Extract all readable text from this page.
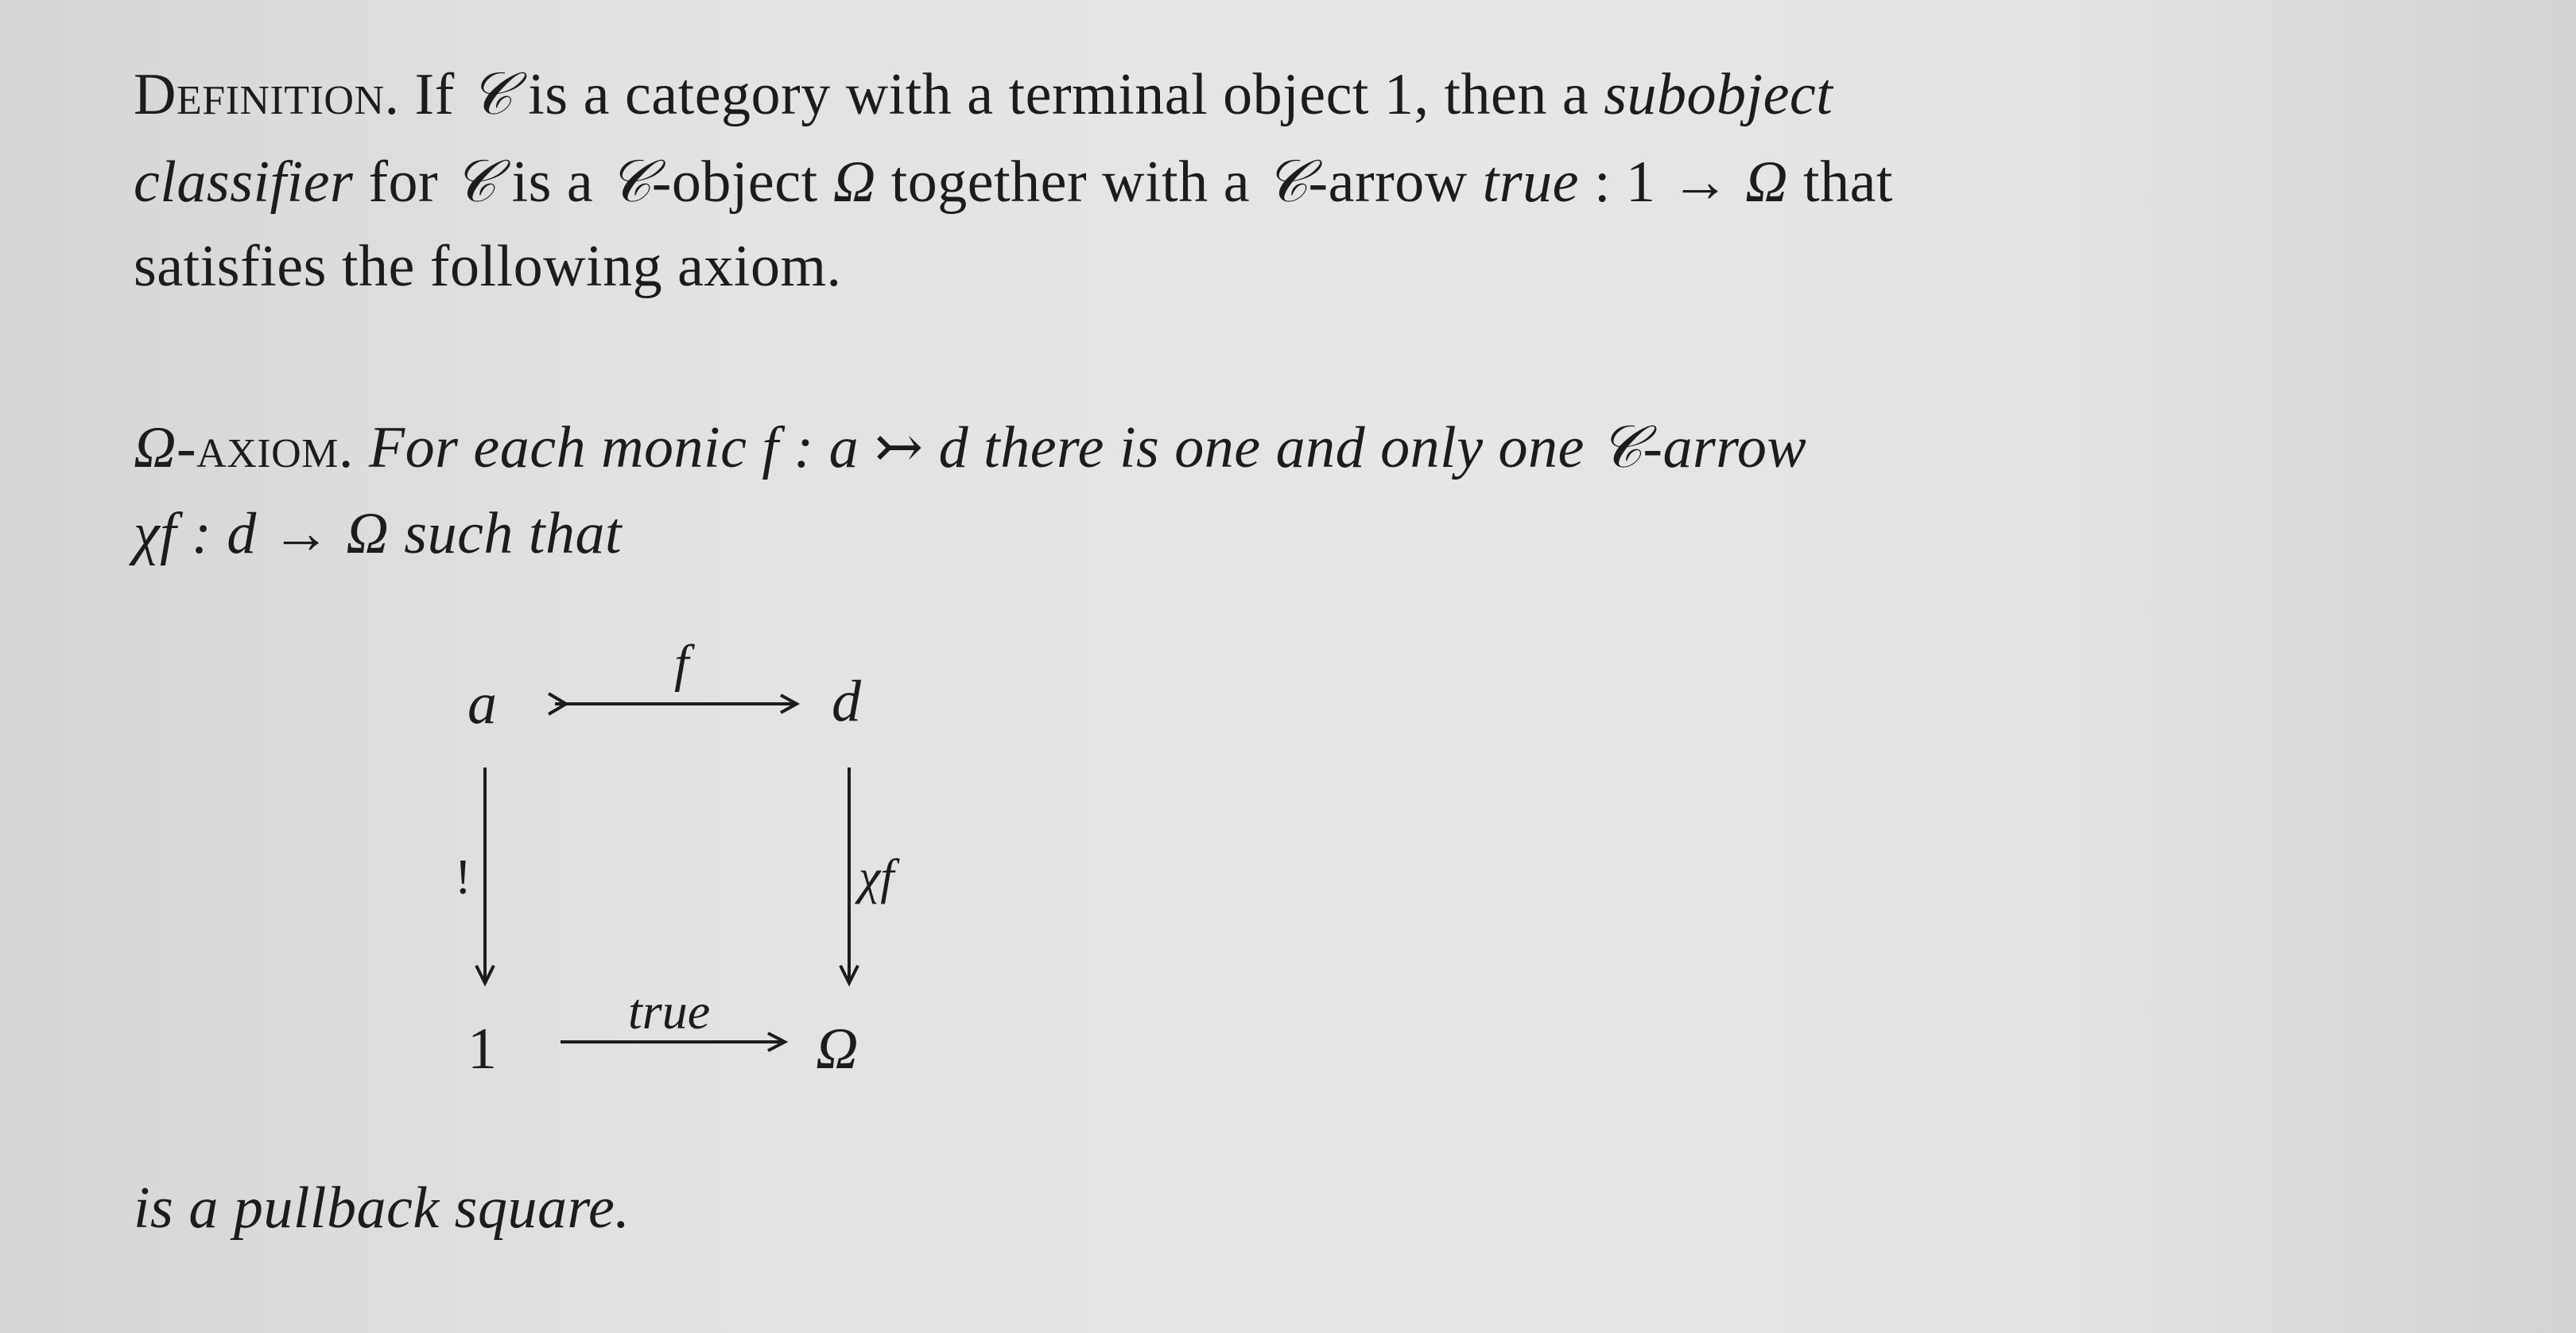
Definition. If 𝒞 is a category with a terminal object 1, then a subobject
classifier for 𝒞 is a 𝒞-object Ω together with a 𝒞-arrow true : 1 → Ω that
satisfies the following axiom.
Ω-axiom. For each monic f : a ↣ d there is one and only one 𝒞-arrow
χf : d → Ω such that
a	d
1	Ω
f
true
!	χf
is a pullback square.
